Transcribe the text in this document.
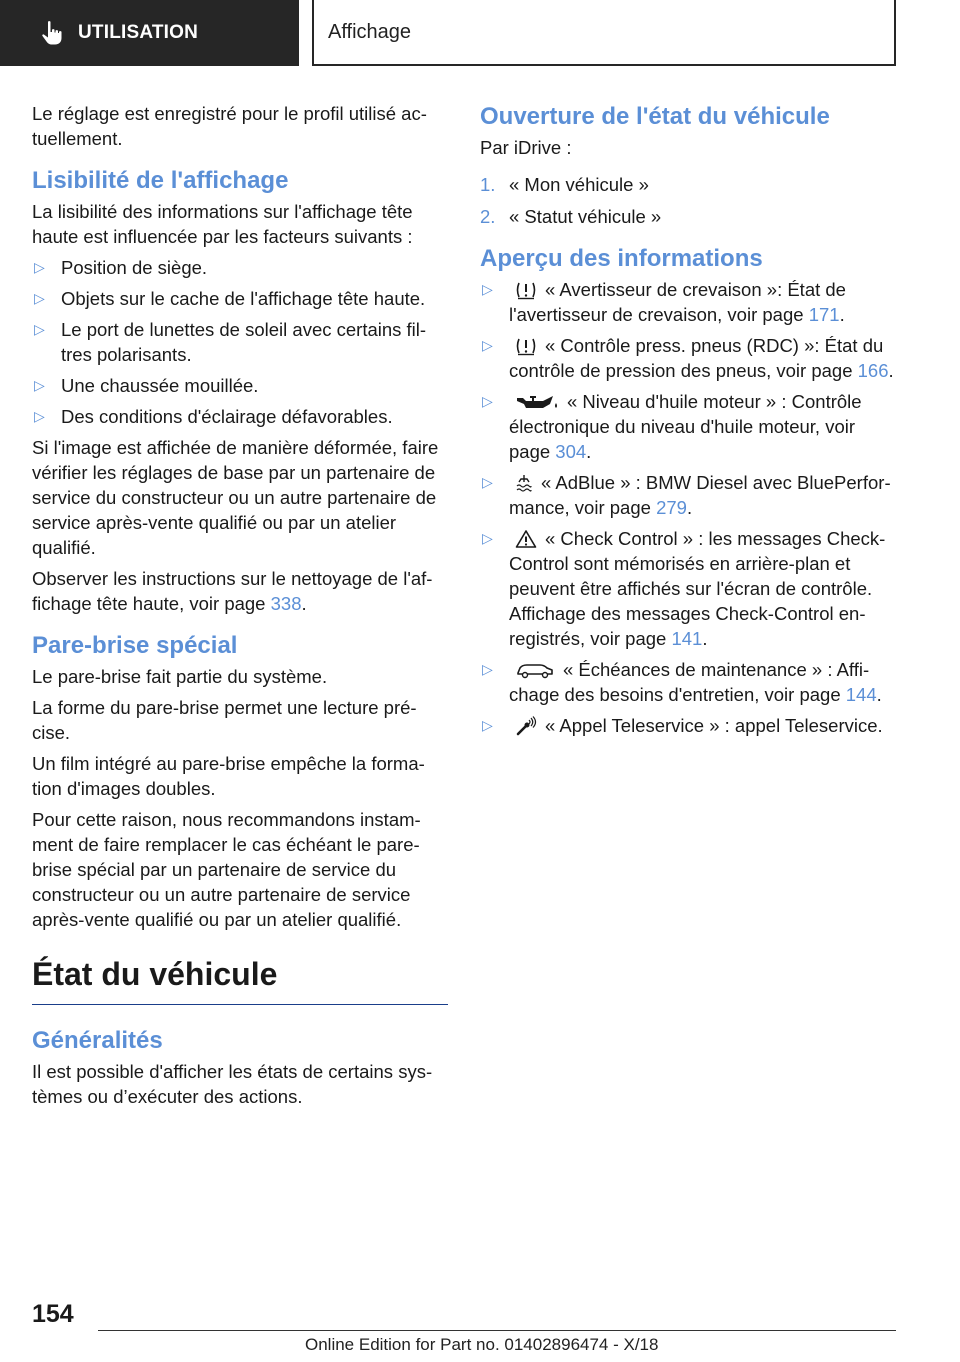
UTILISATION	Affichage

Le réglage est enregistré pour le profil utilisé actuellement.

Lisibilité de l'affichage

La lisibilité des informations sur l'affichage tête haute est influencée par les facteurs suivants :

▷ Position de siège.
▷ Objets sur le cache de l'affichage tête haute.
▷ Le port de lunettes de soleil avec certains filtres polarisants.
▷ Une chaussée mouillée.
▷ Des conditions d'éclairage défavorables.

Si l'image est affichée de manière déformée, faire vérifier les réglages de base par un partenaire de service du constructeur ou un autre partenaire de service après-vente qualifié ou par un atelier qualifié.

Observer les instructions sur le nettoyage de l'affichage tête haute, voir page 338.

Pare-brise spécial

Le pare-brise fait partie du système.

La forme du pare-brise permet une lecture précise.

Un film intégré au pare-brise empêche la formation d'images doubles.

Pour cette raison, nous recommandons instamment de faire remplacer le cas échéant le pare-brise spécial par un partenaire de service du constructeur ou un autre partenaire de service après-vente qualifié ou par un atelier qualifié.

État du véhicule
Généralités

Il est possible d'afficher les états de certains systèmes ou d’exécuter des actions.

Ouverture de l'état du véhicule

Par iDrive :

1. « Mon véhicule »
2. « Statut véhicule »
Aperçu des informations
▷	« Avertisseur de crevaison »: État de l'avertisseur de crevaison, voir page 171.
▷	« Contrôle press. pneus (RDC) »: État du contrôle de pression des pneus, voir page 166.
▷	« Niveau d'huile moteur » : Contrôle électronique du niveau d'huile moteur, voir page 304.
▷	« AdBlue » : BMW Diesel avec BluePerformance, voir page 279.
▷	« Check Control » : les messages Check-Control sont mémorisés en arrière-plan et peuvent être affichés sur l'écran de contrôle. Affichage des messages Check-Control enregistrés, voir page 141.
▷	« Échéances de maintenance » : Affichage des besoins d'entretien, voir page 144.
▷	« Appel Teleservice » : appel Teleservice.
154
Online Edition for Part no. 01402896474 - X/18
